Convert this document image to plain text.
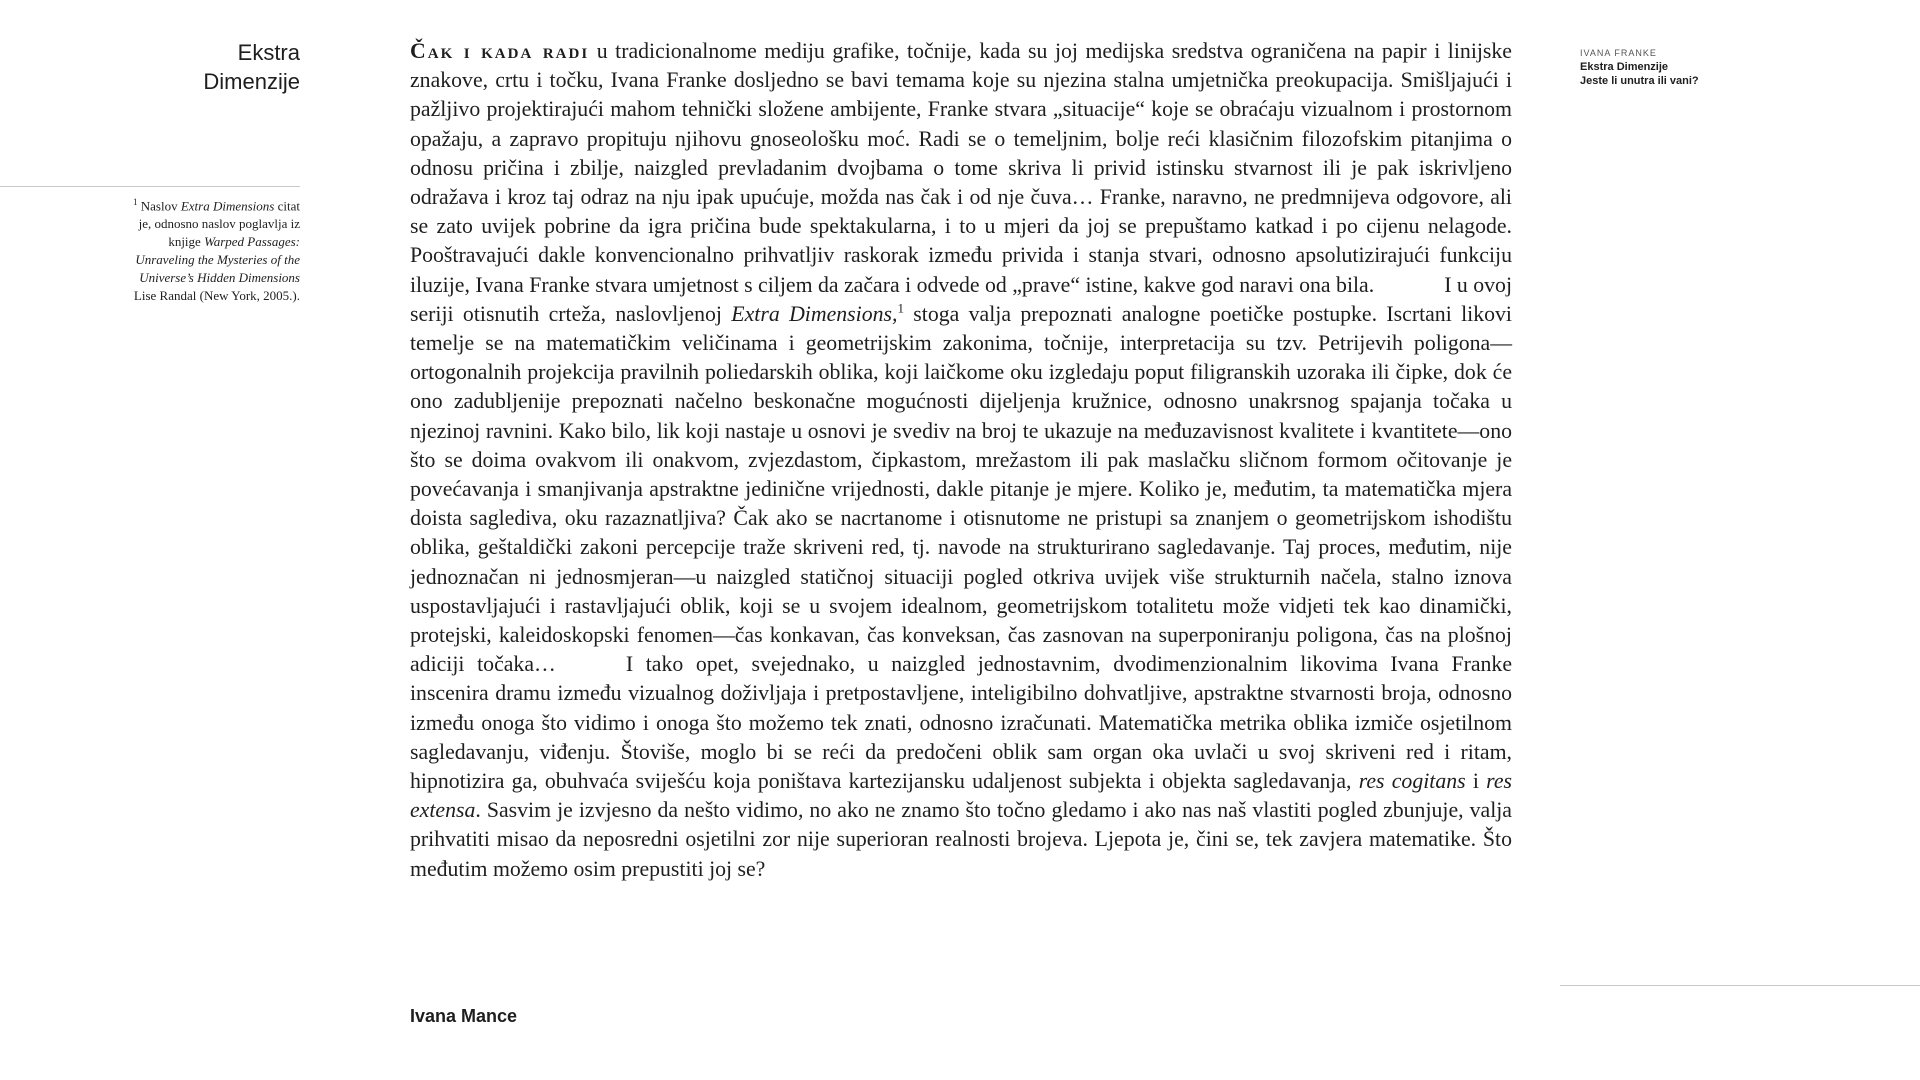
Ekstra
Dimenzije
$^1$ Naslov Extra Dimensions citat je, odnosno naslov poglavlja iz knjige Warped Passages: Unraveling the Mysteries of the Universe’s Hidden Dimensions Lise Randal (New York, 2005.).

Čak i kada radi u tradicionalnome mediju grafike, točnije, kada su joj medijska sredstva ograničena na papir i linijske znakove, crtu i točku, Ivana Franke dosljedno se bavi temama koje su njezina stalna umjetnička preokupacija. Smišljajući i pažljivo projektirajući mahom tehnički složene ambijente, Franke stvara „situacije“ koje se obraćaju vizualnom i prostornom opažaju, a zapravo propituju njihovu gnoseološku moć. Radi se o temeljnim, bolje reći klasičnim filozofskim pitanjima o odnosu pričina i zbilje, naizgled prevladanim dvojbama o tome skriva li privid istinsku stvarnost ili je pak iskrivljeno odražava i kroz taj odraz na nju ipak upućuje, možda nas čak i od nje čuva… Franke, naravno, ne predmnijeva odgovore, ali se zato uvijek pobrine da igra pričina bude spektakularna, i to u mjeri da joj se prepuštamo katkad i po cijenu nelagode. Pooštravajući dakle konvencionalno prihvatljiv raskorak između privida i stanja stvari, odnosno apsolutizirajući funkciju iluzije, Ivana Franke stvara umjetnost s ciljem da začara i odvede od „prave“ istine, kakve god naravi ona bila.	I u ovoj seriji otisnutih crteža, naslovljenoj Extra Dimensions,$^1$ stoga valja prepoznati analogne poetičke postupke. Iscrtani likovi temelje se na matematičkim veličinama i geometrijskim zakonima, točnije, interpretacija su tzv. Petrijevih poligona—ortogonalnih projekcija pravilnih poliedarskih oblika, koji laičkome oku izgledaju poput filigranskih uzoraka ili čipke, dok će ono zadubljenije prepoznati načelno beskonačne mogućnosti dijeljenja kružnice, odnosno unakrsnog spajanja točaka u njezinoj ravnini. Kako bilo, lik koji nastaje u osnovi je svediv na broj te ukazuje na međuzavisnost kvalitete i kvantitete—ono što se doima ovakvom ili onakvom, zvjezdastom, čipkastom, mrežastom ili pak maslačku sličnom formom očitovanje je povećavanja i smanjivanja apstraktne jedinične vrijednosti, dakle pitanje je mjere. Koliko je, međutim, ta matematička mjera doista saglediva, oku razaznatljiva? Čak ako se nacrtanome i otisnutome ne pristupi sa znanjem o geometrijskom ishodištu oblika, geštaldički zakoni percepcije traže skriveni red, tj. navode na strukturirano sagledavanje. Taj proces, međutim, nije jednoznačan ni jednosmjeran—u naizgled statičnoj situaciji pogled otkriva uvijek više strukturnih načela, stalno iznova uspostavljajući i rastavljajući oblik, koji se u svojem idealnom, geometrijskom totalitetu može vidjeti tek kao dinamički, protejski, kaleidoskopski fenomen—čas konkavan, čas konveksan, čas zasnovan na superponiranju poligona, čas na plošnoj adiciji točaka…	I tako opet, svejednako, u naizgled jednostavnim, dvodimenzionalnim likovima Ivana Franke inscenira dramu između vizualnog doživljaja i pretpostavljene, inteligibilno dohvatljive, apstraktne stvarnosti broja, odnosno između onoga što vidimo i onoga što možemo tek znati, odnosno izračunati. Matematička metrika oblika izmiče osjetilnom sagledavanju, viđenju. Štoviše, moglo bi se reći da predočeni oblik sam organ oka uvlači u svoj skriveni red i ritam, hipnotizira ga, obuhvaća sviješću koja poništava kartezijansku udaljenost subjekta i objekta sagledavanja, res cogitans i res extensa. Sasvim je izvjesno da nešto vidimo, no ako ne znamo što točno gledamo i ako nas naš vlastiti pogled zbunjuje, valja prihvatiti misao da neposredni osjetilni zor nije superioran realnosti brojeva. Ljepota je, čini se, tek zavjera matematike. Što međutim možemo osim prepustiti joj se?

Ivana Mance
IVANA FRANKE
Ekstra Dimenzije
Jeste li unutra ili vani?
